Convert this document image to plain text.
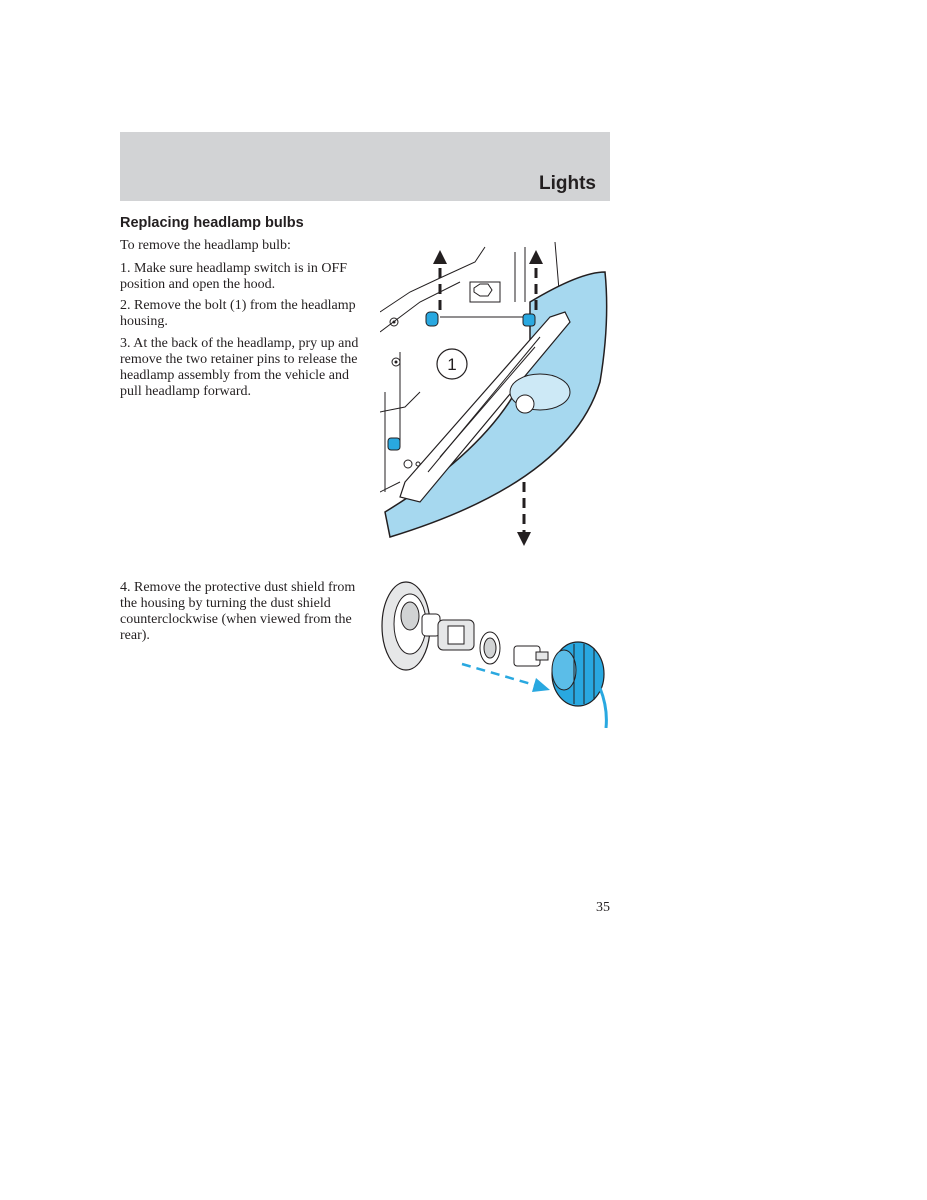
Lights
Replacing headlamp bulbs

To remove the headlamp bulb:

1. Make sure headlamp switch is in OFF position and open the hood.

2. Remove the bolt (1) from the headlamp housing.

3. At the back of the headlamp, pry up and remove the two retainer pins to release the headlamp assembly from the vehicle and pull headlamp forward.

4. Remove the protective dust shield from the housing by turning the dust shield counterclockwise (when viewed from the rear).

1
35
